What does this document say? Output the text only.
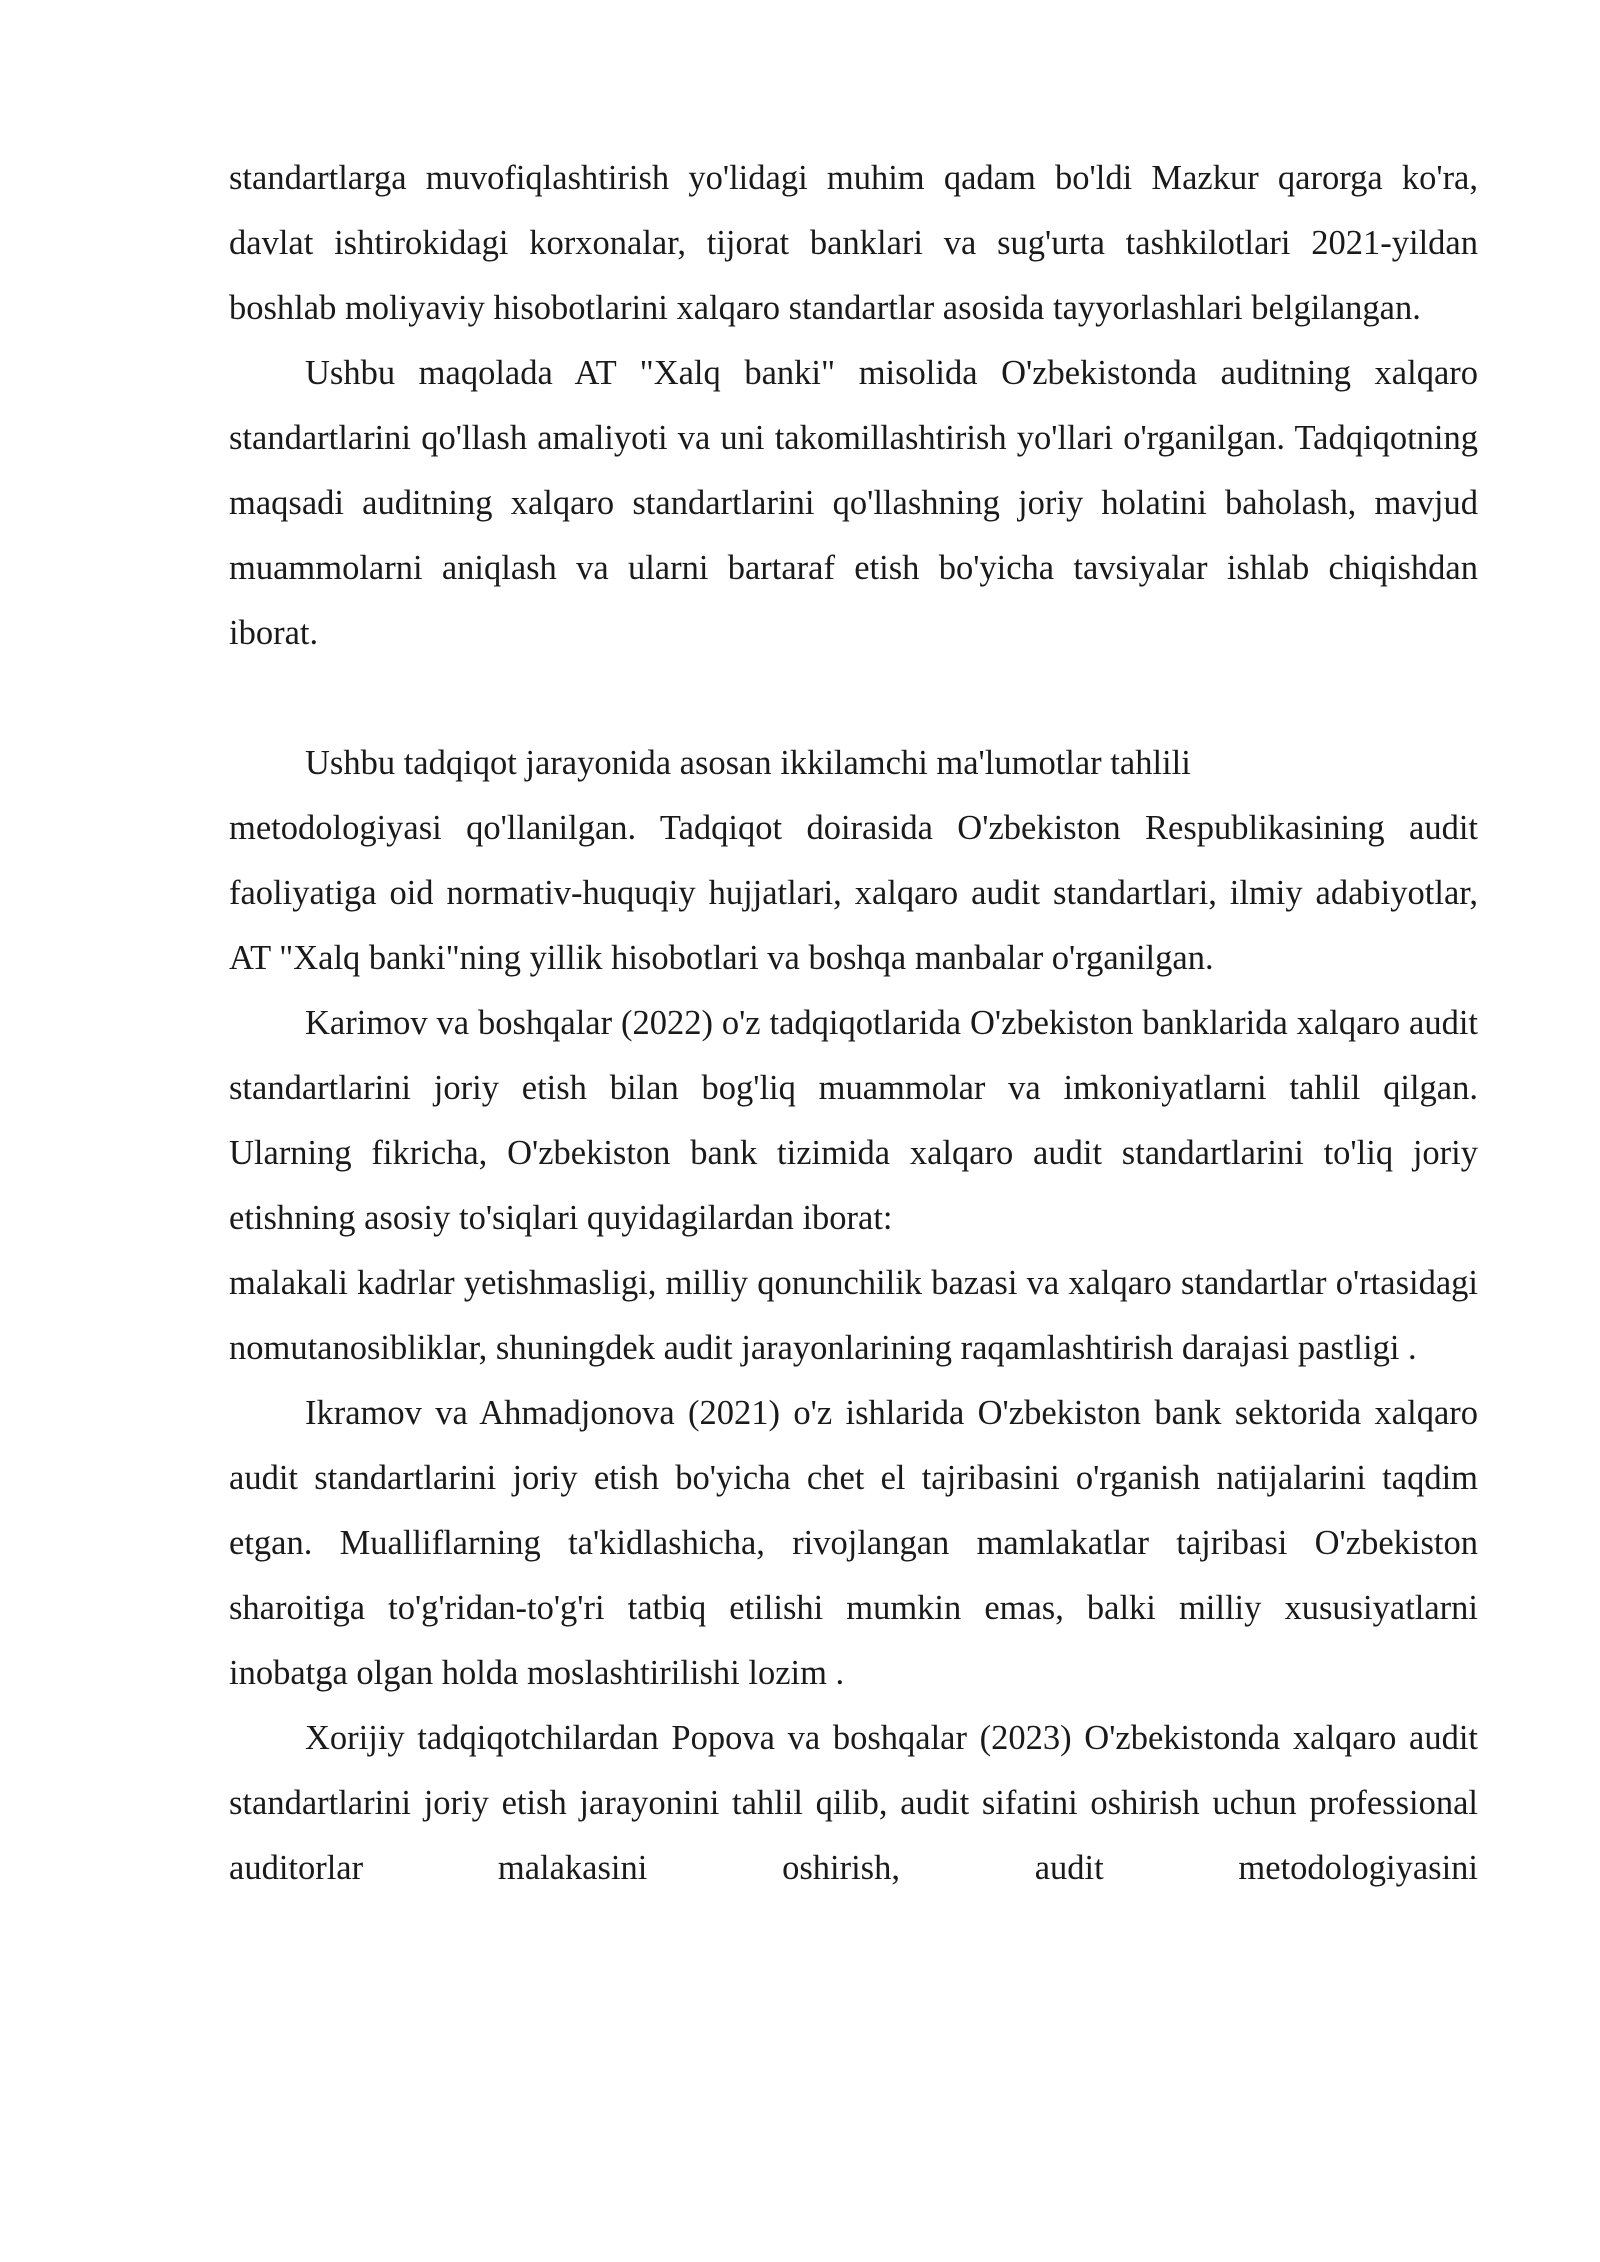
standartlarga muvofiqlashtirish yo'lidagi muhim qadam bo'ldi Mazkur qarorga ko'ra, davlat ishtirokidagi korxonalar, tijorat banklari va sug'urta tashkilotlari 2021-yildan boshlab moliyaviy hisobotlarini xalqaro standartlar asosida tayyorlashlari belgilangan.

Ushbu maqolada AT "Xalq banki" misolida O'zbekistonda auditning xalqaro standartlarini qo'llash amaliyoti va uni takomillashtirish yo'llari o'rganilgan. Tadqiqotning maqsadi auditning xalqaro standartlarini qo'llashning joriy holatini baholash, mavjud muammolarni aniqlash va ularni bartaraf etish bo'yicha tavsiyalar ishlab chiqishdan iborat.

Ushbu tadqiqot jarayonida asosan ikkilamchi ma'lumotlar tahlili

metodologiyasi qo'llanilgan. Tadqiqot doirasida O'zbekiston Respublikasining audit faoliyatiga oid normativ-huquqiy hujjatlari, xalqaro audit standartlari, ilmiy adabiyotlar, AT "Xalq banki"ning yillik hisobotlari va boshqa manbalar o'rganilgan.

Karimov va boshqalar (2022) o'z tadqiqotlarida O'zbekiston banklarida xalqaro audit standartlarini joriy etish bilan bog'liq muammolar va imkoniyatlarni tahlil qilgan. Ularning fikricha, O'zbekiston bank tizimida xalqaro audit standartlarini to'liq joriy etishning asosiy to'siqlari quyidagilardan iborat:

malakali kadrlar yetishmasligi, milliy qonunchilik bazasi va xalqaro standartlar o'rtasidagi nomutanosibliklar, shuningdek audit jarayonlarining raqamlashtirish darajasi pastligi .

Ikramov va Ahmadjonova (2021) o'z ishlarida O'zbekiston bank sektorida xalqaro audit standartlarini joriy etish bo'yicha chet el tajribasini o'rganish natijalarini taqdim etgan. Mualliflarning ta'kidlashicha, rivojlangan mamlakatlar tajribasi O'zbekiston sharoitiga to'g'ridan-to'g'ri tatbiq etilishi mumkin emas, balki milliy xususiyatlarni inobatga olgan holda moslashtirilishi lozim .

Xorijiy tadqiqotchilardan Popova va boshqalar (2023) O'zbekistonda xalqaro audit standartlarini joriy etish jarayonini tahlil qilib, audit sifatini oshirish uchun professional auditorlar malakasini oshirish, audit metodologiyasini
